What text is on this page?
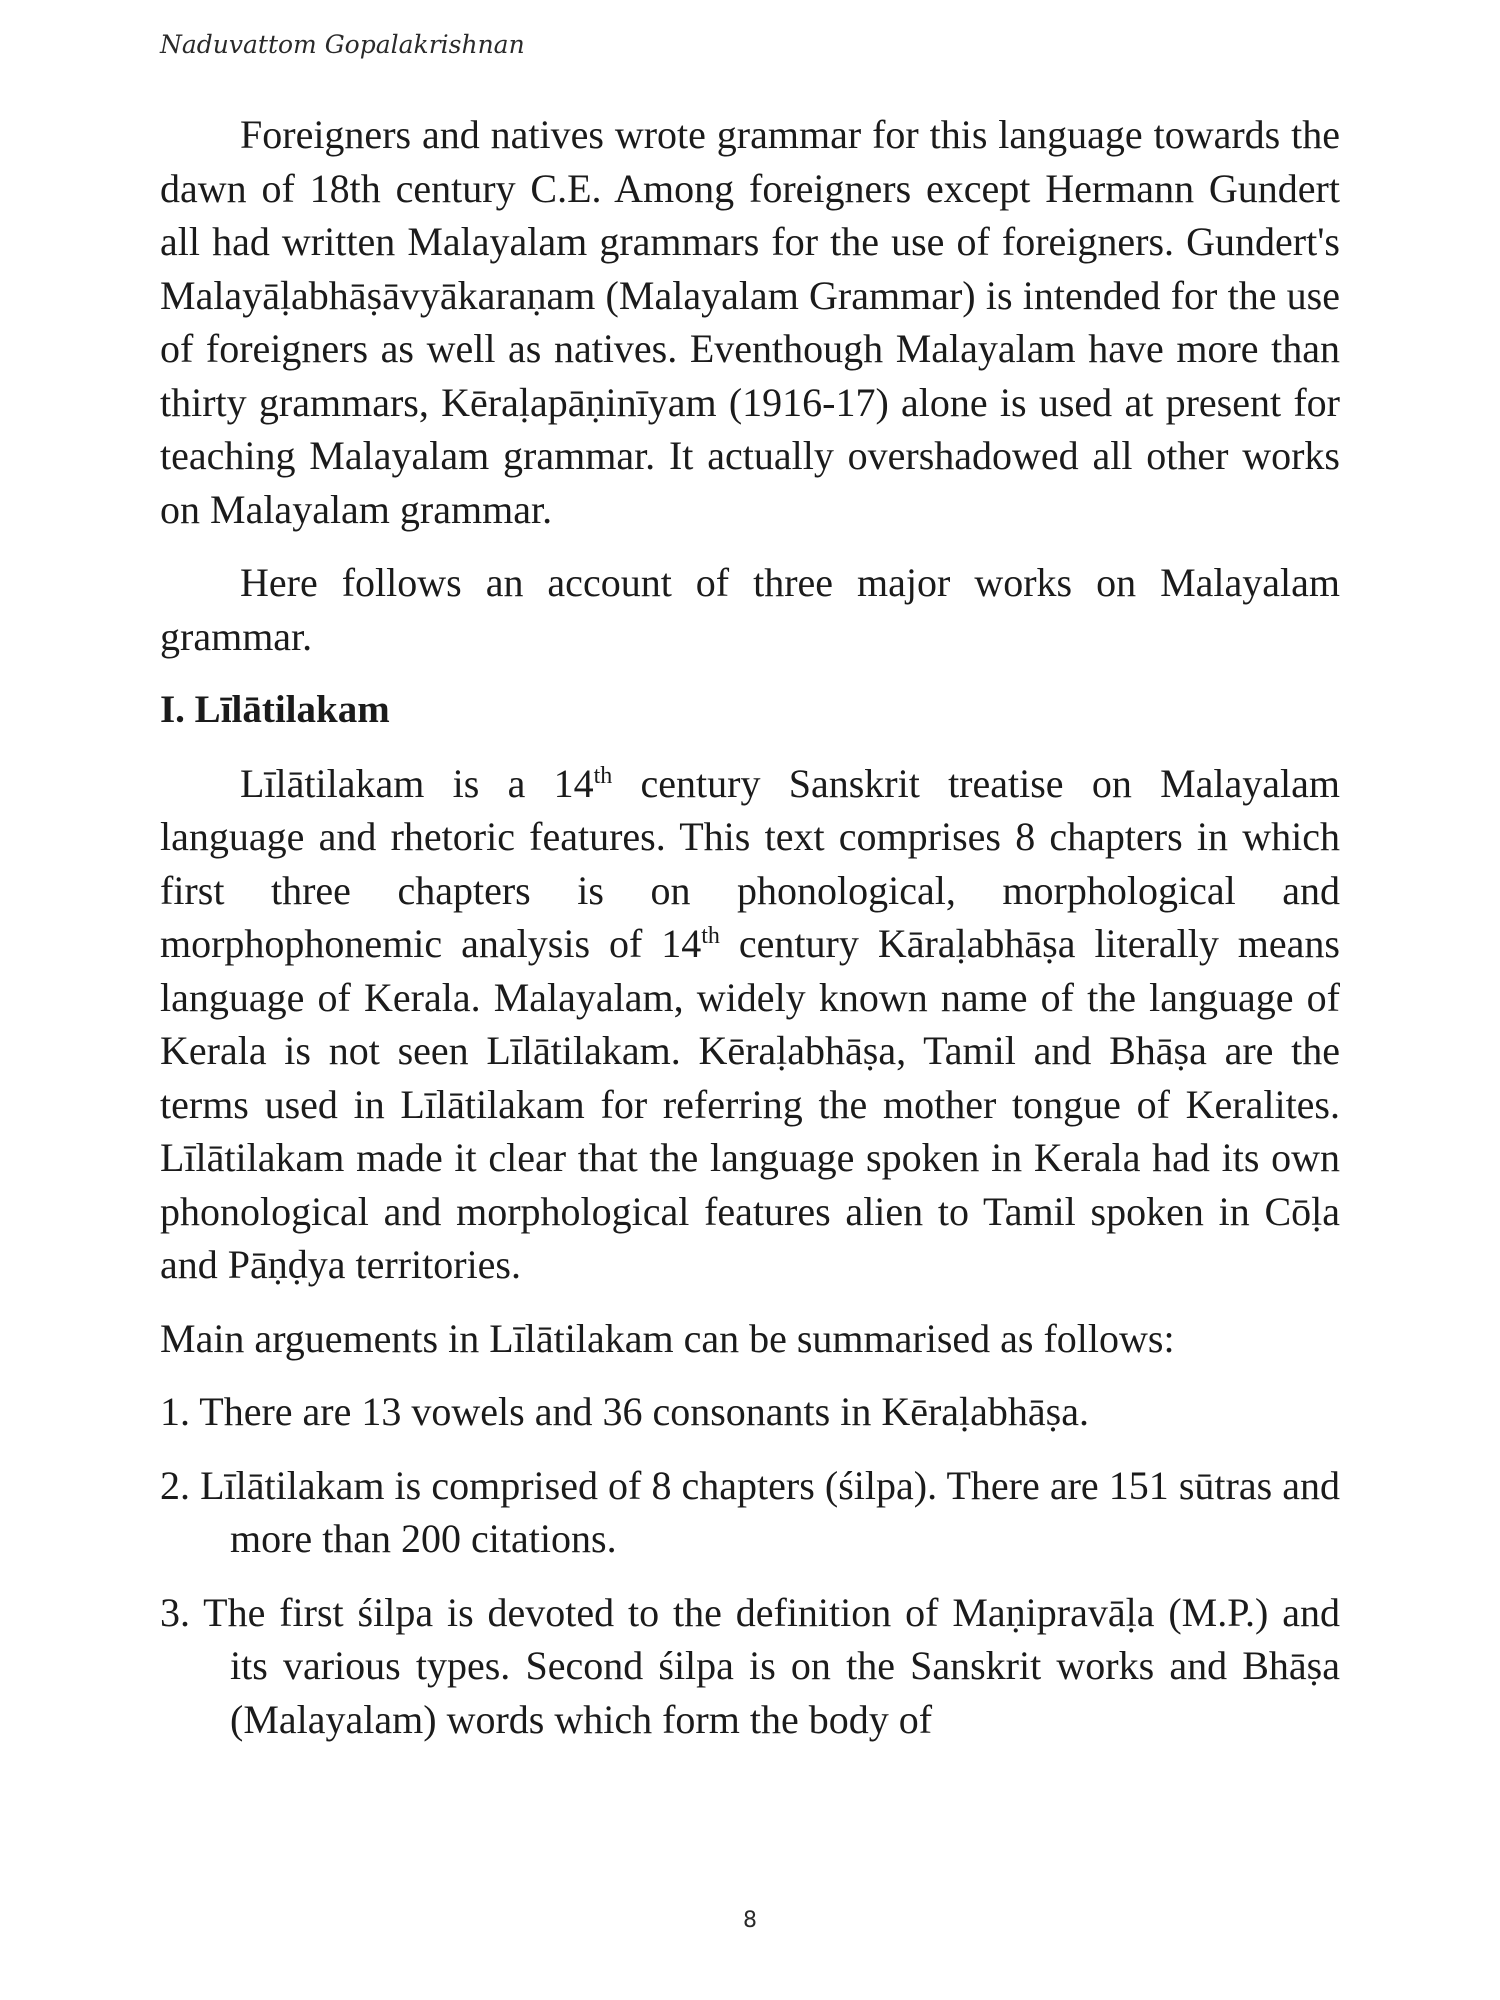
Naduvattom Gopalakrishnan

Foreigners and natives wrote grammar for this language towards the dawn of 18th century C.E. Among foreigners except Hermann Gundert all had written Malayalam grammars for the use of foreigners. Gundert's Malayāḷabhāṣāvyākaraṇam (Malayalam Grammar) is intended for the use of foreigners as well as natives. Eventhough Malayalam have more than thirty grammars, Kēraḷapāṇinīyam (1916-17) alone is used at present for teaching Malayalam grammar. It actually overshadowed all other works on Malayalam grammar.

Here follows an account of three major works on Malayalam grammar.

I. Līlātilakam

Līlātilakam is a 14th century Sanskrit treatise on Malayalam language and rhetoric features. This text comprises 8 chapters in which first three chapters is on phonological, morphological and morphophonemic analysis of 14th century Kāraḷabhāṣa literally means language of Kerala. Malayalam, widely known name of the language of Kerala is not seen Līlātilakam. Kēraḷabhāṣa, Tamil and Bhāṣa are the terms used in Līlātilakam for referring the mother tongue of Keralites. Līlātilakam made it clear that the language spoken in Kerala had its own phonological and morphological features alien to Tamil spoken in Cōḷa and Pāṇḍya territories.

Main arguements in Līlātilakam can be summarised as follows:

1. There are 13 vowels and 36 consonants in Kēraḷabhāṣa.
2. Līlātilakam is comprised of 8 chapters (śilpa). There are 151 sūtras and more than 200 citations.
3. The first śilpa is devoted to the definition of Maṇipravāḷa (M.P.) and its various types. Second śilpa is on the Sanskrit works and Bhāṣa (Malayalam) words which form the body of
8
